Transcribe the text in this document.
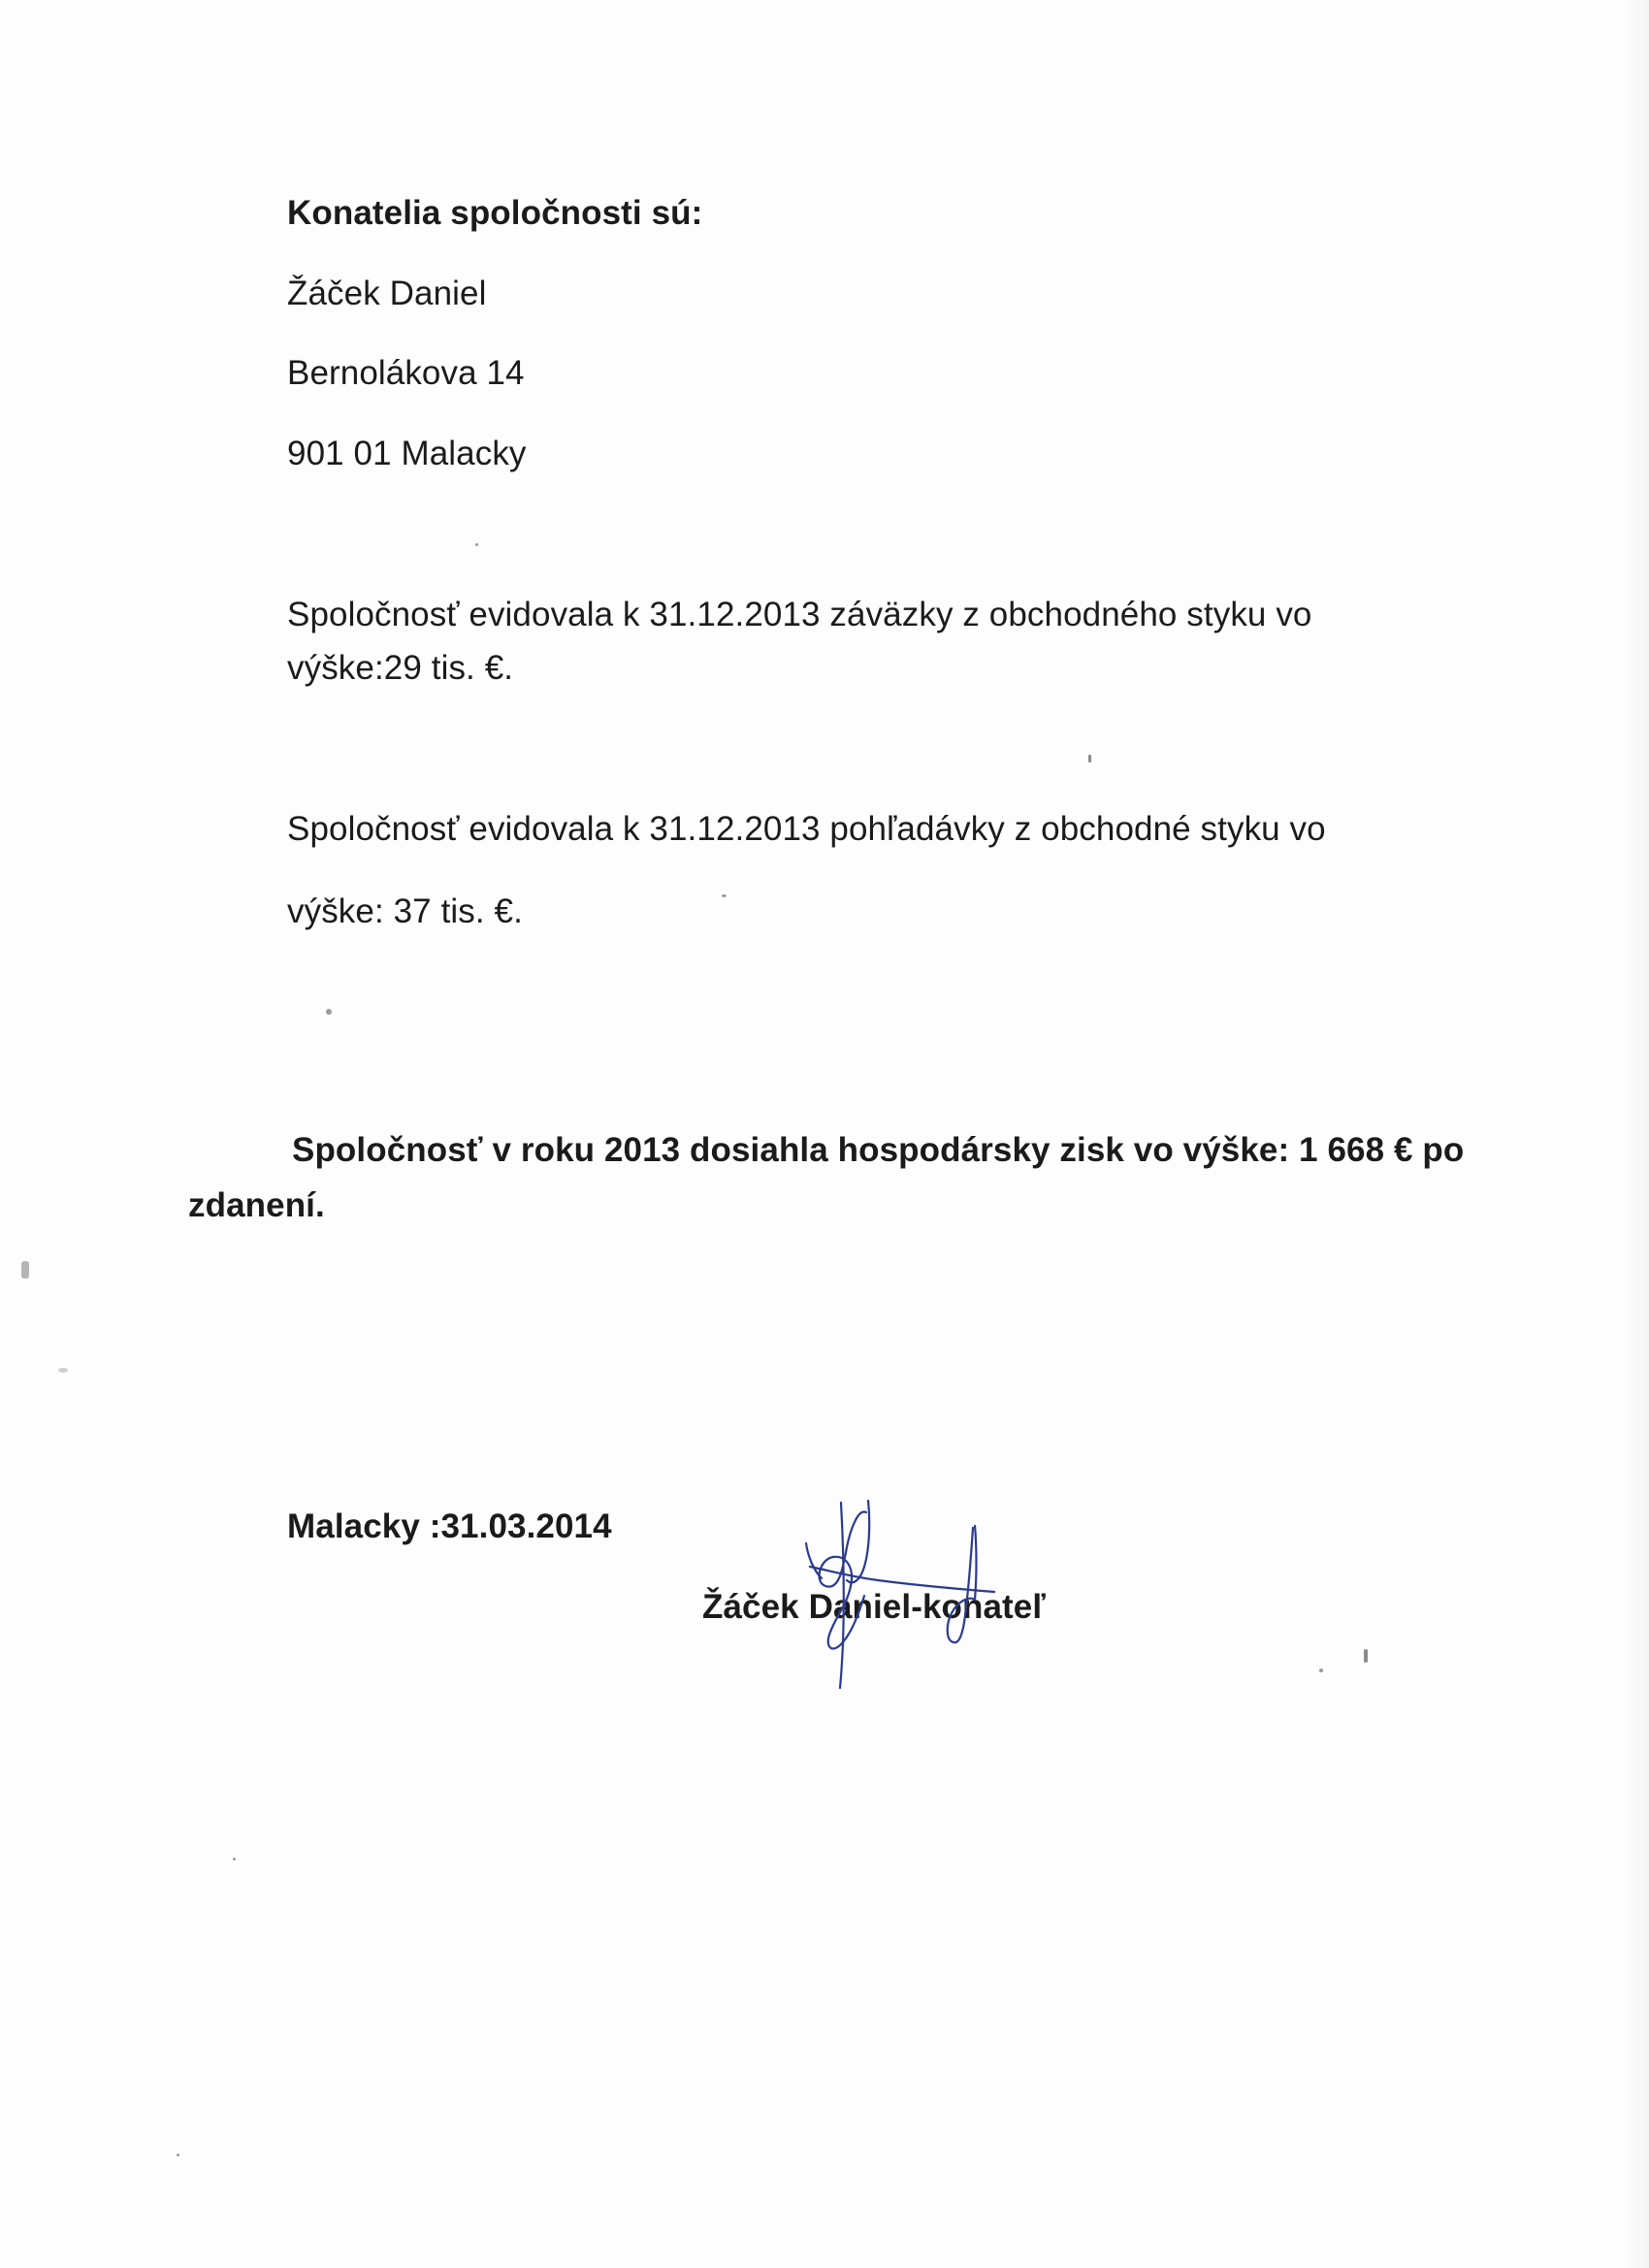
Konatelia spoločnosti sú:
Žáček Daniel
Bernolákova 14
901 01 Malacky
Spoločnosť evidovala k 31.12.2013 záväzky z obchodného styku vo
výške:29 tis. €.
Spoločnosť evidovala k 31.12.2013 pohľadávky z obchodné styku vo
výške: 37 tis. €.
Spoločnosť v roku 2013 dosiahla hospodársky zisk vo výške: 1 668 € po
zdanení.
Malacky :31.03.2014
Žáček Daniel-konateľ
